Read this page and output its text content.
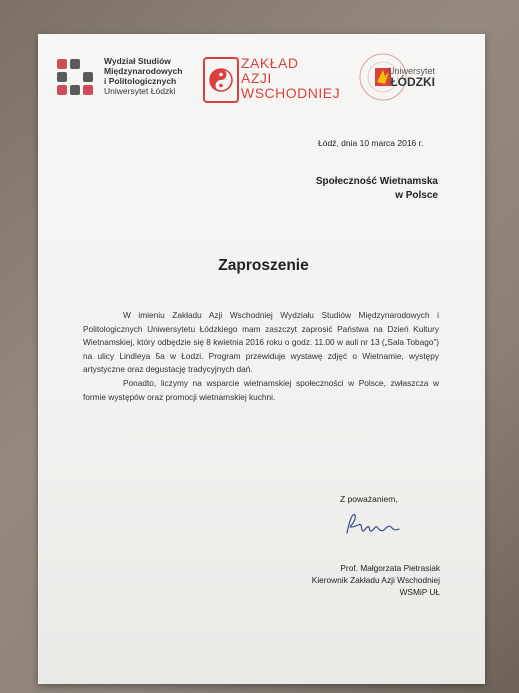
Wydział Studiów
Międzynarodowych
i Politologicznych
Uniwersytet Łódzki
ZAKŁAD
AZJI
WSCHODNIEJ
Uniwersytet
ŁÓDZKI
Łódź, dnia 10 marca 2016 r.
Społeczność Wietnamska
w Polsce
Zaproszenie

W imieniu Zakładu Azji Wschodniej Wydziału Studiów Międzynarodowych i Politologicznych Uniwersytetu Łódzkiego mam zaszczyt zaprosić Państwa na Dzień Kultury Wietnamskiej, który odbędzie się 8 kwietnia 2016 roku o godz. 11.00 w auli nr 13 („Sala Tobago”) na ulicy Lindleya 5a w Łodzi. Program przewiduje wystawę zdjęć o Wietnamie, występy artystyczne oraz degustację tradycyjnych dań.

Ponadto, liczymy na wsparcie wietnamskiej społeczności w Polsce, zwłaszcza w formie występów oraz promocji wietnamskiej kuchni.

Z poważaniem,
Prof. Małgorzata Pietrasiak
Kierownik Zakładu Azji Wschodniej
WSMiP UŁ
